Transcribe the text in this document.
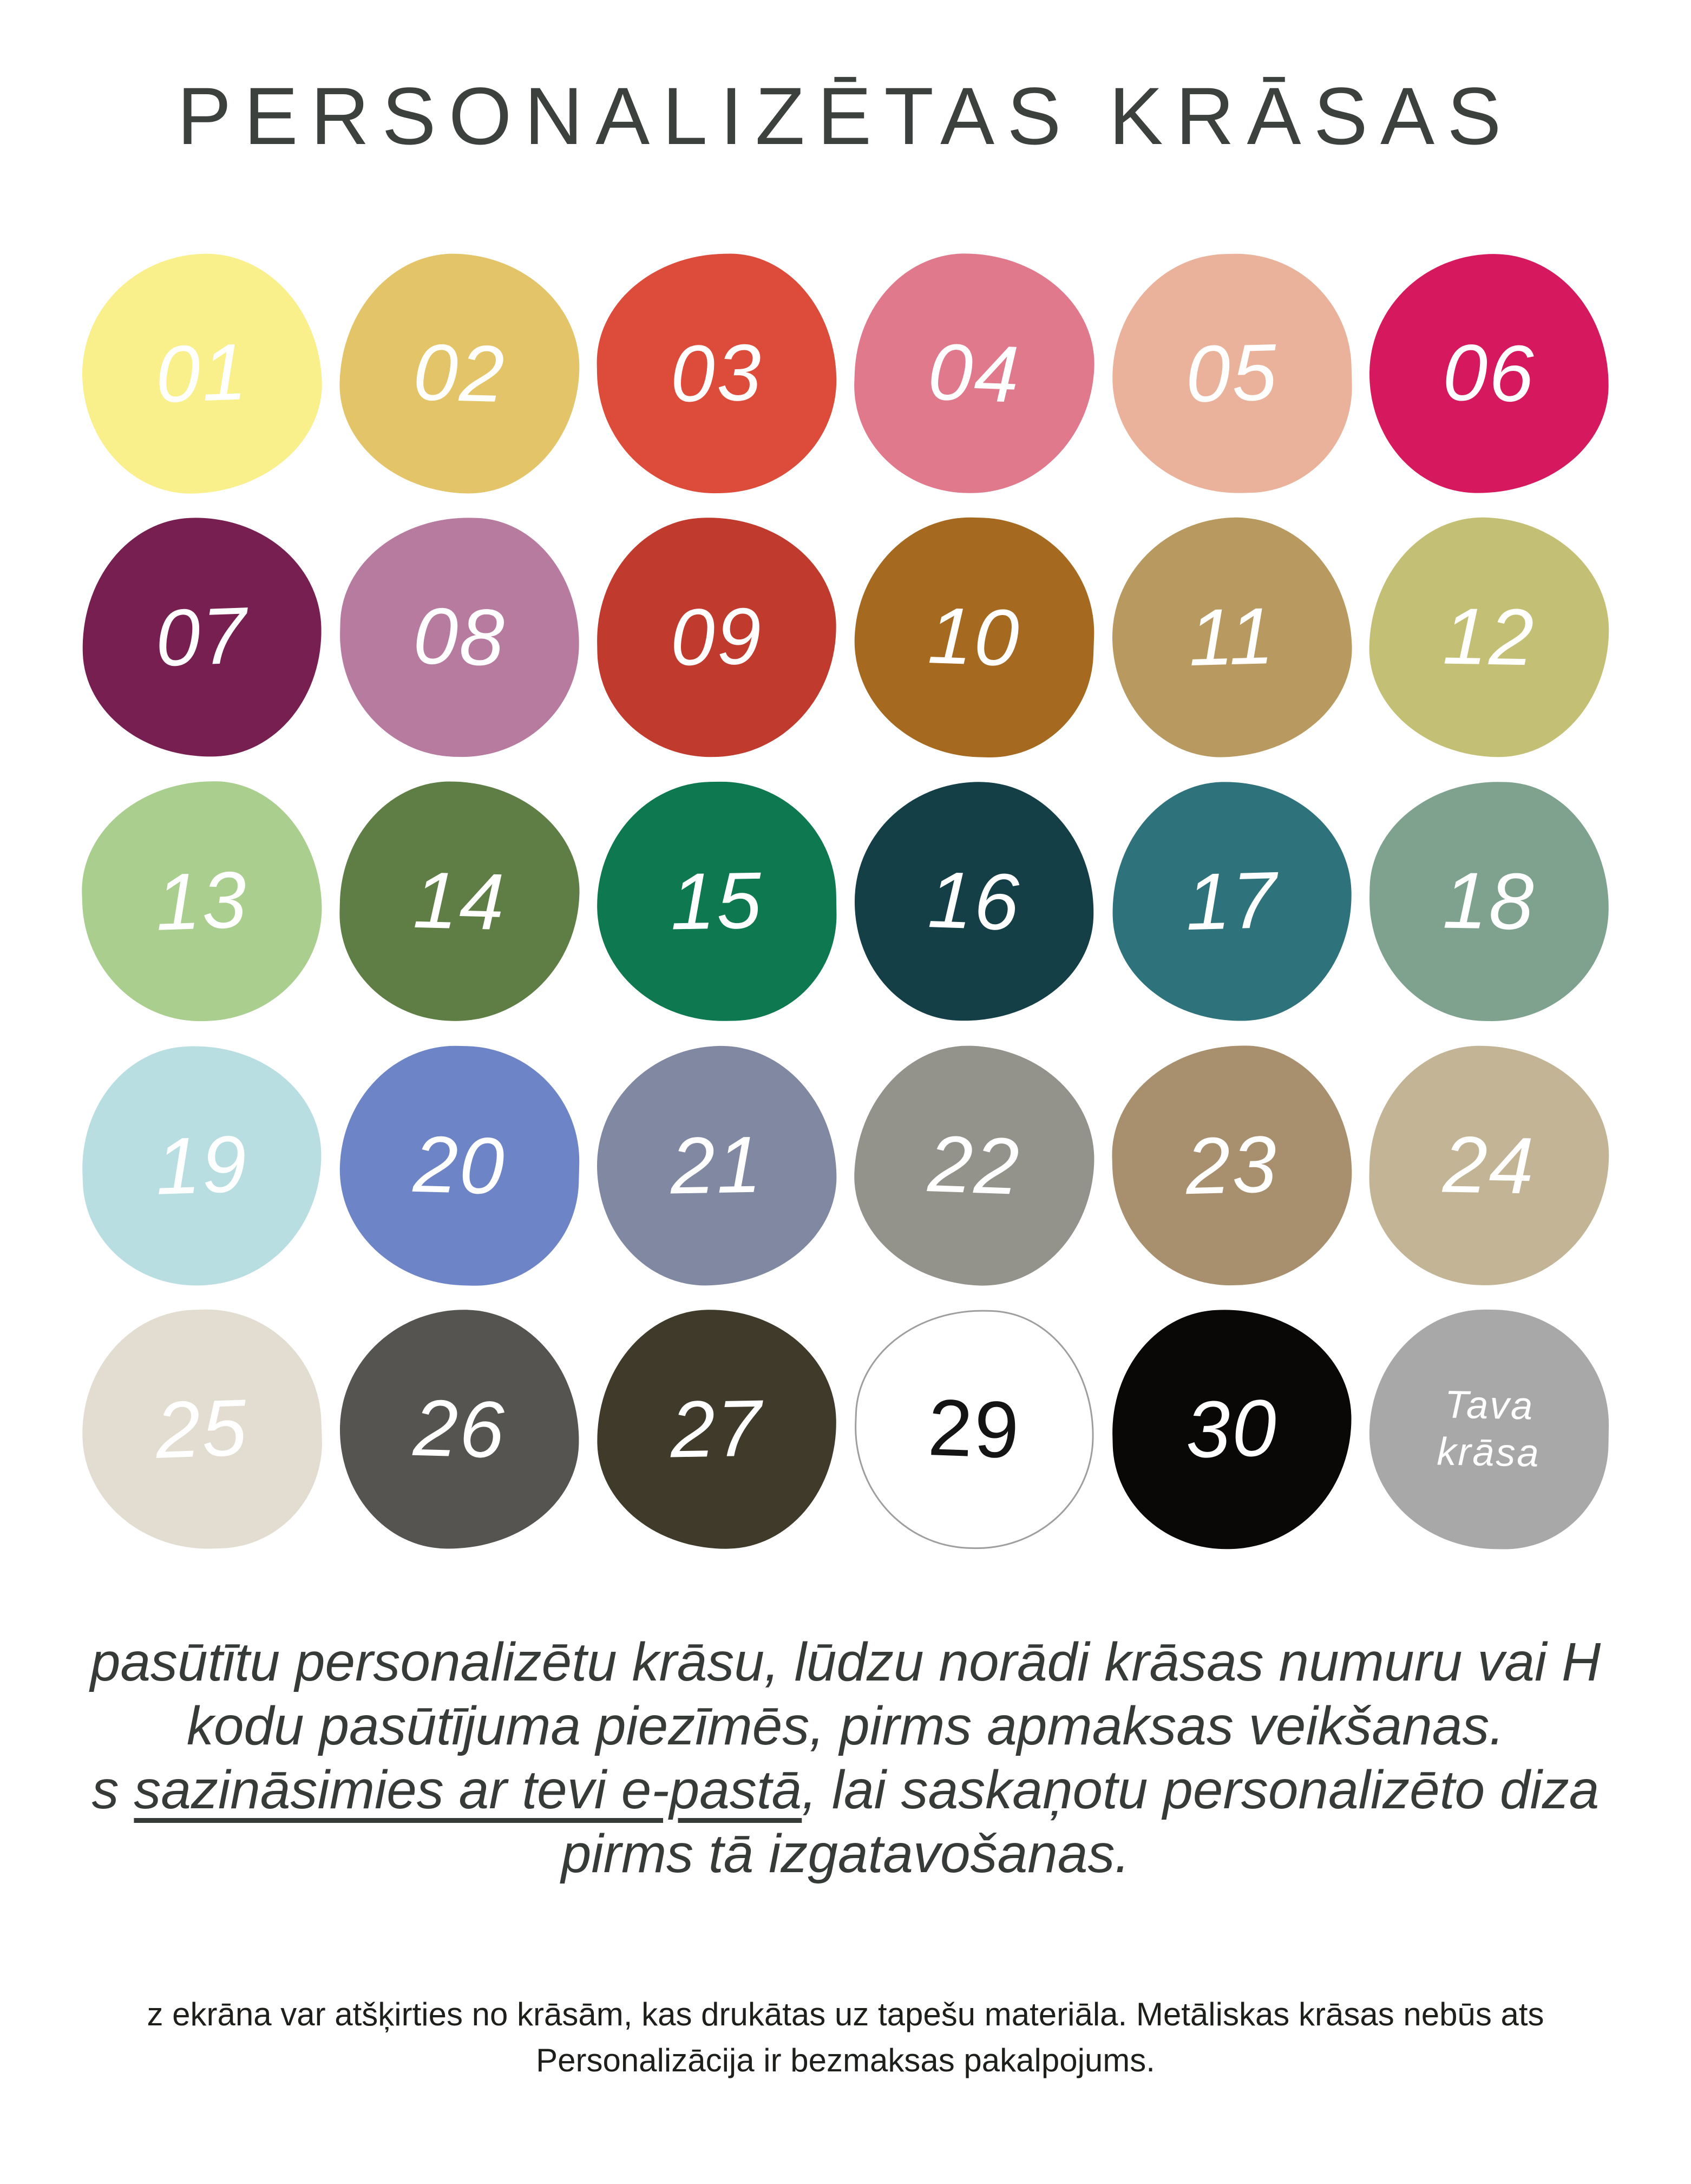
PERSONALIZĒTAS KRĀSAS
01 02 03 04 05 06
07 08 09 10 11 12
13 14 15 16 17 18
19 20 21 22 23 24
25 26 27 29 30	Tava
krāsa
pasūtītu personalizētu krāsu, lūdzu norādi krāsas numuru vai H
kodu pasūtījuma piezīmēs, pirms apmaksas veikšanas.
s sazināsimies ar tevi e-pastā, lai saskaņotu personalizēto diza
pirms tā izgatavošanas.
z ekrāna var atšķirties no krāsām, kas drukātas uz tapešu materiāla. Metāliskas krāsas nebūs ats
Personalizācija ir bezmaksas pakalpojums.
